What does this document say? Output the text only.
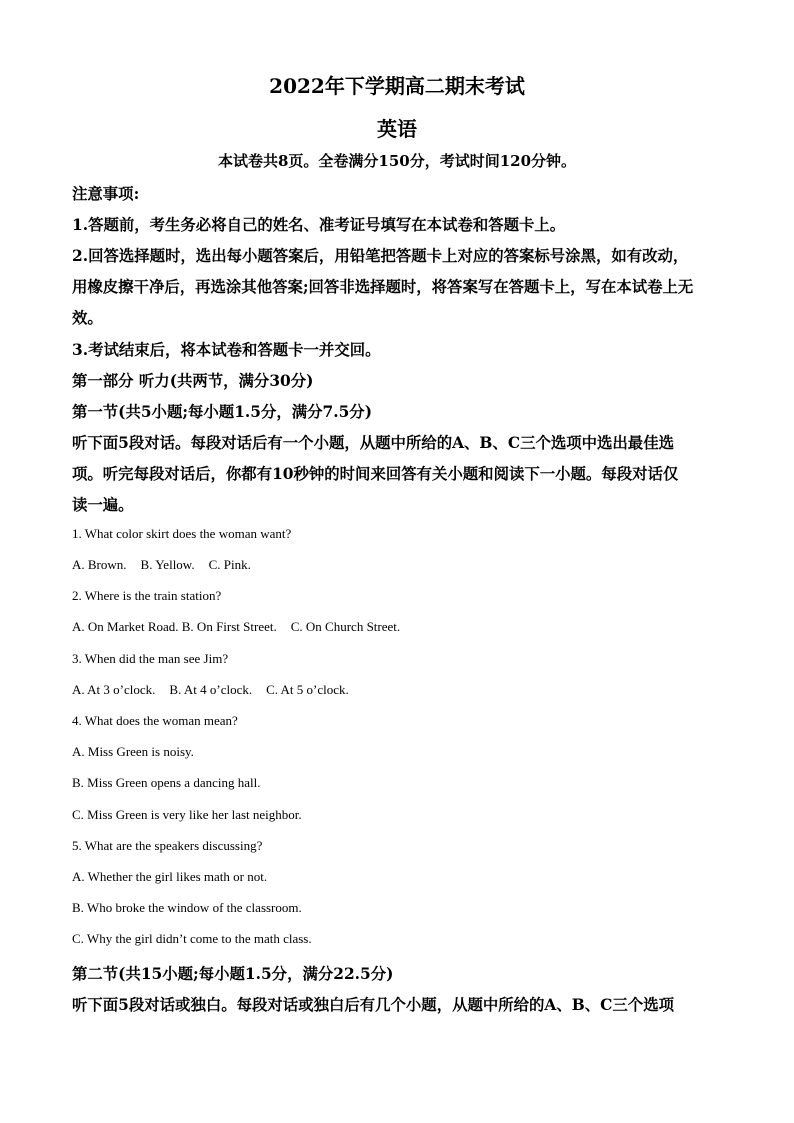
2022年下学期高二期末考试
英语
本试卷共8页。全卷满分150分，考试时间120分钟。
注意事项:
1.答题前，考生务必将自己的姓名、准考证号填写在本试卷和答题卡上。
2.回答选择题时，选出每小题答案后，用铅笔把答题卡上对应的答案标号涂黑，如有改动，
用橡皮擦干净后，再选涂其他答案;回答非选择题时，将答案写在答题卡上，写在本试卷上无
效。
3.考试结束后，将本试卷和答题卡一并交回。
第一部分 听力(共两节，满分30分)
第一节(共5小题;每小题1.5分，满分7.5分)
听下面5段对话。每段对话后有一个小题，从题中所给的A、B、C三个选项中选出最佳选
项。听完每段对话后，你都有10秒钟的时间来回答有关小题和阅读下一小题。每段对话仅
读一遍。
1. What color skirt does the woman want?
A. Brown. B. Yellow. C. Pink.
2. Where is the train station?
A. On Market Road. B. On First Street. C. On Church Street.
3. When did the man see Jim?
A. At 3 o’clock. B. At 4 o’clock. C. At 5 o’clock.
4. What does the woman mean?
A. Miss Green is noisy.
B. Miss Green opens a dancing hall.
C. Miss Green is very like her last neighbor.
5. What are the speakers discussing?
A. Whether the girl likes math or not.
B. Who broke the window of the classroom.
C. Why the girl didn’t come to the math class.
第二节(共15小题;每小题1.5分，满分22.5分)
听下面5段对话或独白。每段对话或独白后有几个小题，从题中所给的A、B、C三个选项
